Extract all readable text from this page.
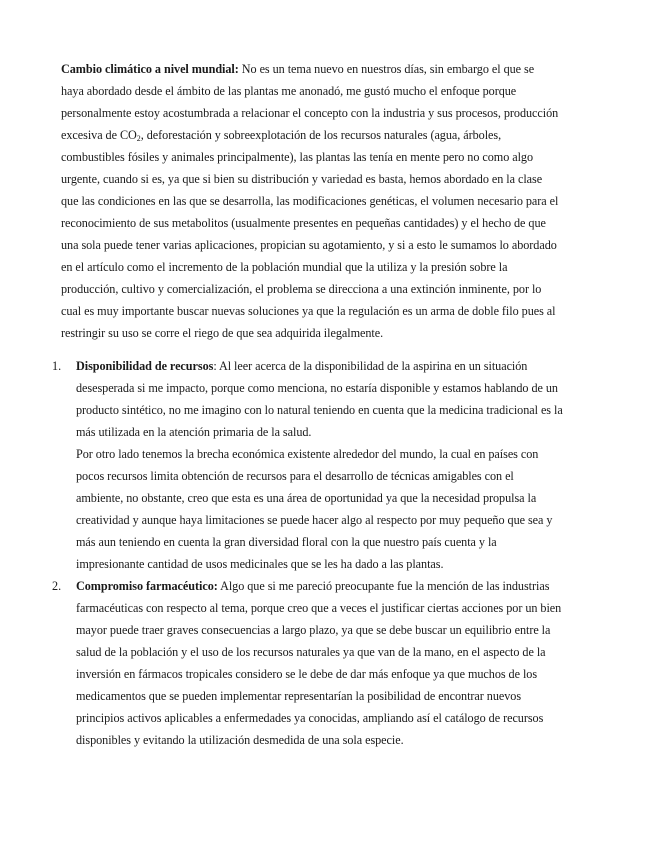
Cambio climático a nivel mundial: No es un tema nuevo en nuestros días, sin embargo el que se
haya abordado desde el ámbito de las plantas me anonadó, me gustó mucho el enfoque porque
personalmente estoy acostumbrada a relacionar el concepto con la industria y sus procesos, producción
excesiva de $CO_2$, deforestación y sobreexplotación de los recursos naturales (agua, árboles,
combustibles fósiles y animales principalmente), las plantas las tenía en mente pero no como algo
urgente, cuando si es, ya que si bien su distribución y variedad es basta, hemos abordado en la clase
que las condiciones en las que se desarrolla, las modificaciones genéticas, el volumen necesario para el
reconocimiento de sus metabolitos (usualmente presentes en pequeñas cantidades) y el hecho de que
una sola puede tener varias aplicaciones, propician su agotamiento, y si a esto le sumamos lo abordado
en el artículo como el incremento de la población mundial que la utiliza y la presión sobre la
producción, cultivo y comercialización, el problema se direcciona a una extinción inminente, por lo
cual es muy importante buscar nuevas soluciones ya que la regulación es un arma de doble filo pues al
restringir su uso se corre el riego de que sea adquirida ilegalmente.
1. Disponibilidad de recursos: Al leer acerca de la disponibilidad de la aspirina en un situación
desesperada si me impacto, porque como menciona, no estaría disponible y estamos hablando de un
producto sintético, no me imagino con lo natural teniendo en cuenta que la medicina tradicional es la
más utilizada en la atención primaria de la salud.
Por otro lado tenemos la brecha económica existente alrededor del mundo, la cual en países con
pocos recursos limita obtención de recursos para el desarrollo de técnicas amigables con el
ambiente, no obstante, creo que esta es una área de oportunidad ya que la necesidad propulsa la
creatividad y aunque haya limitaciones se puede hacer algo al respecto por muy pequeño que sea y
más aun teniendo en cuenta la gran diversidad floral con la que nuestro país cuenta y la
impresionante cantidad de usos medicinales que se les ha dado a las plantas.
2. Compromiso farmacéutico: Algo que si me pareció preocupante fue la mención de las industrias
farmacéuticas con respecto al tema, porque creo que a veces el justificar ciertas acciones por un bien
mayor puede traer graves consecuencias a largo plazo, ya que se debe buscar un equilibrio entre la
salud de la población y el uso de los recursos naturales ya que van de la mano, en el aspecto de la
inversión en fármacos tropicales considero se le debe de dar más enfoque ya que muchos de los
medicamentos que se pueden implementar representarían la posibilidad de encontrar nuevos
principios activos aplicables a enfermedades ya conocidas, ampliando así el catálogo de recursos
disponibles y evitando la utilización desmedida de una sola especie.
